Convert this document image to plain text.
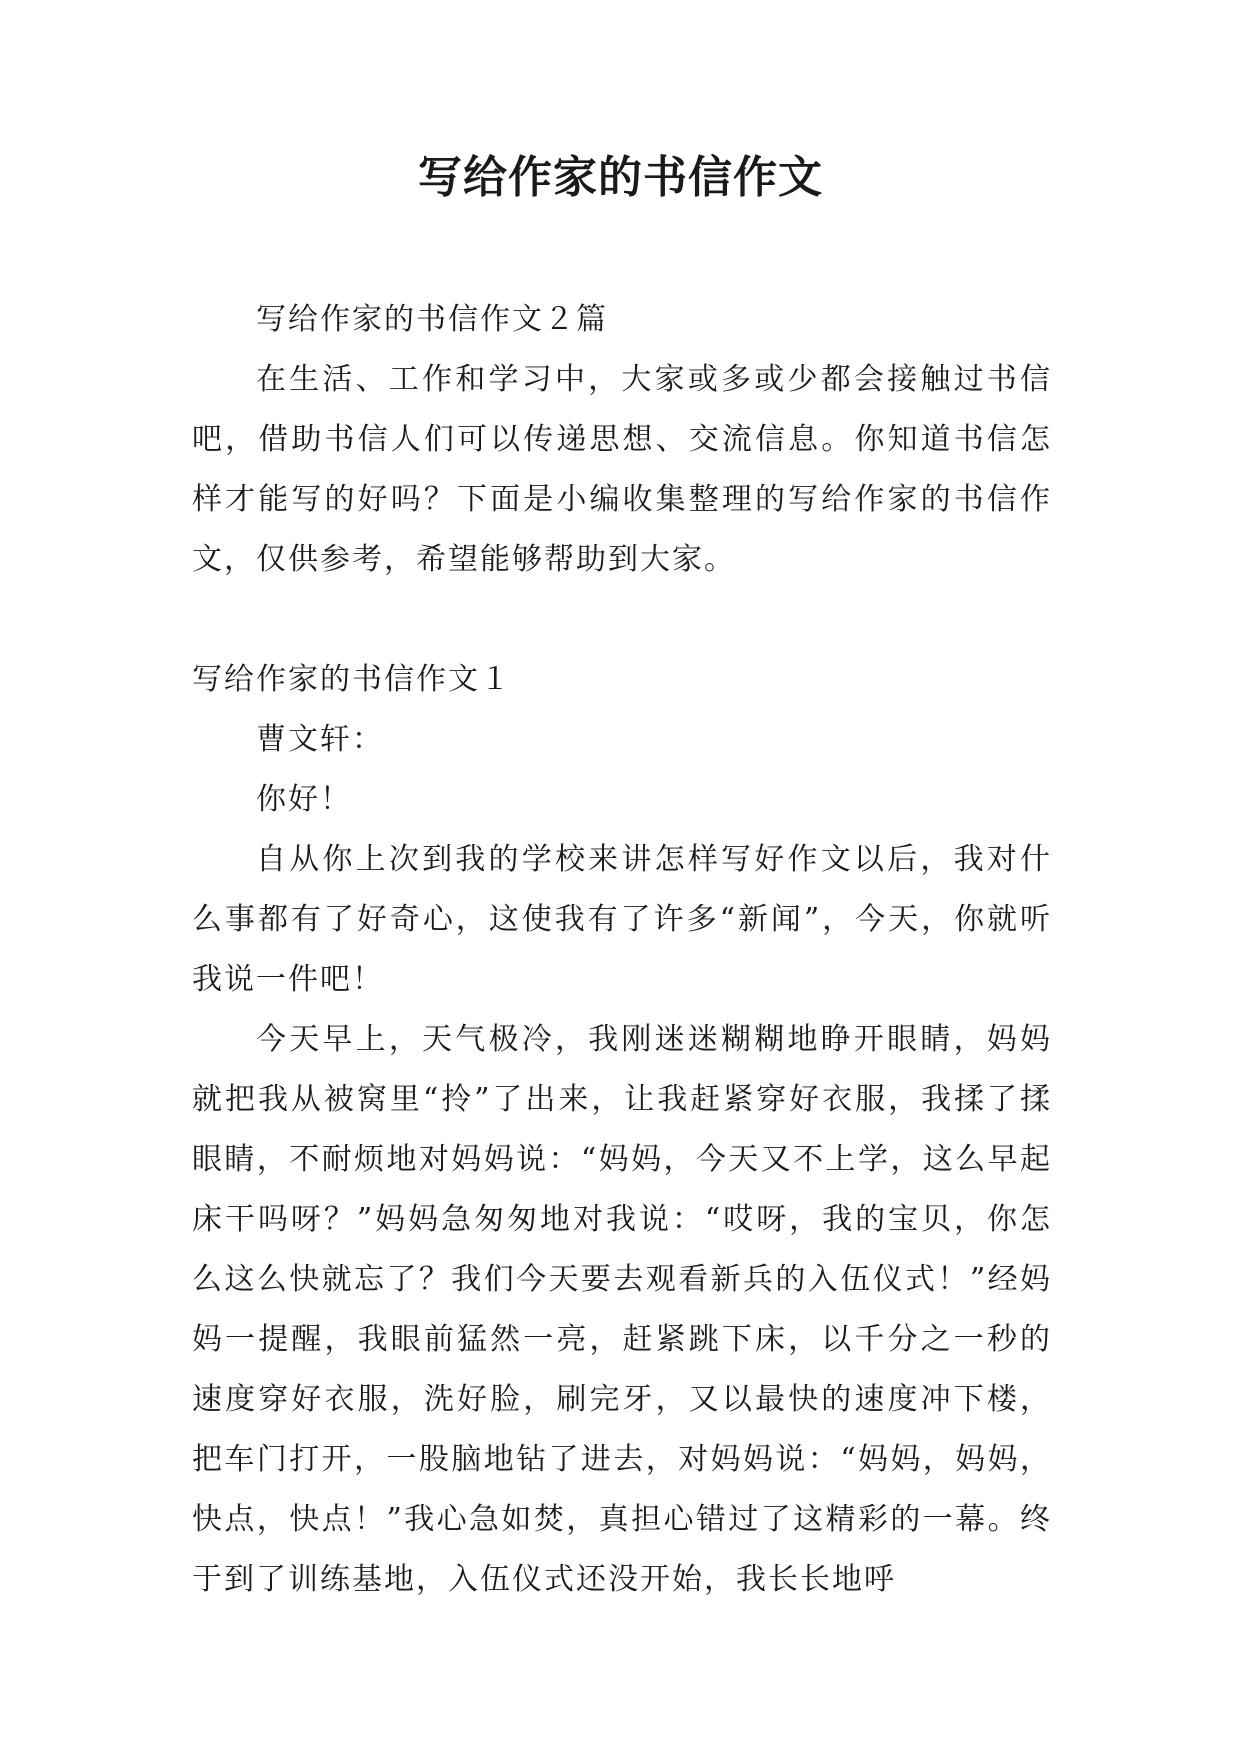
写给作家的书信作文

写给作家的书信作文２篇

在生活、工作和学习中，大家或多或少都会接触过书信吧，借助书信人们可以传递思想、交流信息。你知道书信怎样才能写的好吗？下面是小编收集整理的写给作家的书信作文，仅供参考，希望能够帮助到大家。

写给作家的书信作文１

曹文轩：

你好！

自从你上次到我的学校来讲怎样写好作文以后，我对什么事都有了好奇心，这使我有了许多“新闻”，今天，你就听我说一件吧！

今天早上，天气极冷，我刚迷迷糊糊地睁开眼睛，妈妈就把我从被窝里“拎”了出来，让我赶紧穿好衣服，我揉了揉眼睛，不耐烦地对妈妈说：“妈妈，今天又不上学，这么早起床干吗呀？”妈妈急匆匆地对我说：“哎呀，我的宝贝，你怎么这么快就忘了？我们今天要去观看新兵的入伍仪式！”经妈妈一提醒，我眼前猛然一亮，赶紧跳下床，以千分之一秒的速度穿好衣服，洗好脸，刷完牙，又以最快的速度冲下楼，把车门打开，一股脑地钻了进去，对妈妈说：“妈妈，妈妈，快点，快点！”我心急如焚，真担心错过了这精彩的一幕。终于到了训练基地，入伍仪式还没开始，我长长地呼
